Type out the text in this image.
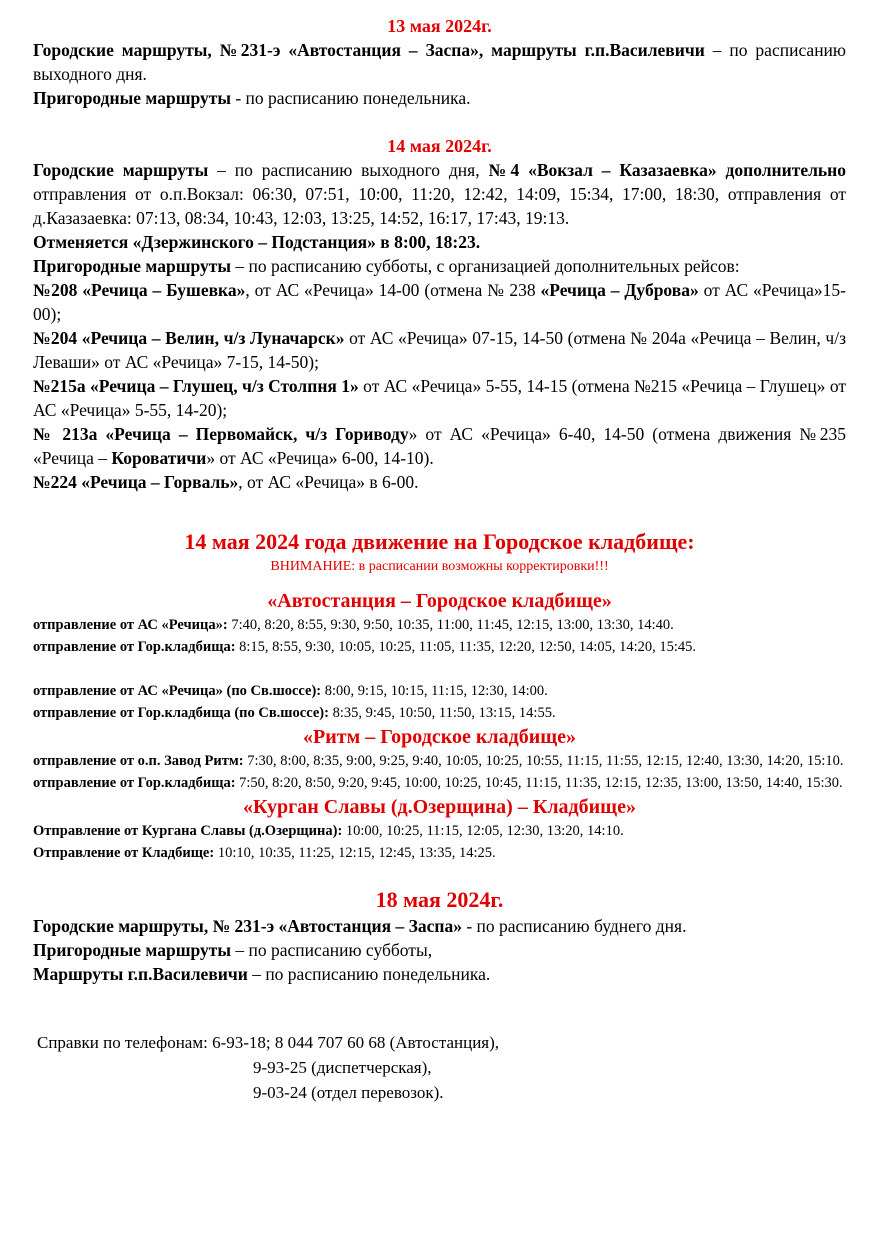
13 мая 2024г.

Городские маршруты, №231-э «Автостанция – Заспа», маршруты г.п.Василевичи – по расписанию выходного дня.

Пригородные маршруты - по расписанию понедельника.

14 мая 2024г.

Городские маршруты – по расписанию выходного дня, №4 «Вокзал – Казазаевка» дополнительно отправления от о.п.Вокзал: 06:30, 07:51, 10:00, 11:20, 12:42, 14:09, 15:34, 17:00, 18:30, отправления от д.Казазаевка: 07:13, 08:34, 10:43, 12:03, 13:25, 14:52, 16:17, 17:43, 19:13.

Отменяется «Дзержинского – Подстанция» в 8:00, 18:23.

Пригородные маршруты – по расписанию субботы, с организацией дополнительных рейсов:

№208 «Речица – Бушевка», от АС «Речица» 14-00 (отмена № 238 «Речица – Дуброва» от АС «Речица»15-00);

№204 «Речица – Велин, ч/з Луначарск» от АС «Речица» 07-15, 14-50 (отмена № 204а «Речица – Велин, ч/з Леваши» от АС «Речица» 7-15, 14-50);

№215а «Речица – Глушец, ч/з Столпня 1» от АС «Речица» 5-55, 14-15 (отмена №215 «Речица – Глушец» от АС «Речица» 5-55, 14-20);

№ 213а «Речица – Первомайск, ч/з Гориводу» от АС «Речица» 6-40, 14-50 (отмена движения №235 «Речица – Короватичи» от АС «Речица» 6-00, 14-10).

№224 «Речица – Горваль», от АС «Речица» в 6-00.

14 мая 2024 года движение на Городское кладбище:

ВНИМАНИЕ: в расписании возможны корректировки!!!

«Автостанция – Городское кладбище»

отправление от АС «Речица»: 7:40, 8:20, 8:55, 9:30, 9:50, 10:35, 11:00, 11:45, 12:15, 13:00, 13:30, 14:40.

отправление от Гор.кладбища: 8:15, 8:55, 9:30, 10:05, 10:25, 11:05, 11:35, 12:20, 12:50, 14:05, 14:20, 15:45.

отправление от АС «Речица» (по Св.шоссе): 8:00, 9:15, 10:15, 11:15, 12:30, 14:00.

отправление от Гор.кладбища (по Св.шоссе): 8:35, 9:45, 10:50, 11:50, 13:15, 14:55.

«Ритм – Городское кладбище»

отправление от о.п. Завод Ритм: 7:30, 8:00, 8:35, 9:00, 9:25, 9:40, 10:05, 10:25, 10:55, 11:15, 11:55, 12:15, 12:40, 13:30, 14:20, 15:10.

отправление от Гор.кладбища: 7:50, 8:20, 8:50, 9:20, 9:45, 10:00, 10:25, 10:45, 11:15, 11:35, 12:15, 12:35, 13:00, 13:50, 14:40, 15:30.

«Курган Славы (д.Озерщина) – Кладбище»

Отправление от Кургана Славы (д.Озерщина): 10:00, 10:25, 11:15, 12:05, 12:30, 13:20, 14:10.

Отправление от Кладбище: 10:10, 10:35, 11:25, 12:15, 12:45, 13:35, 14:25.

18 мая 2024г.

Городские маршруты, № 231-э «Автостанция – Заспа» - по расписанию буднего дня.

Пригородные маршруты – по расписанию субботы,

Маршруты г.п.Василевичи – по расписанию понедельника.

Справки по телефонам: 6-93-18; 8 044 707 60 68 (Автостанция),

9-93-25 (диспетчерская),

9-03-24 (отдел перевозок).
